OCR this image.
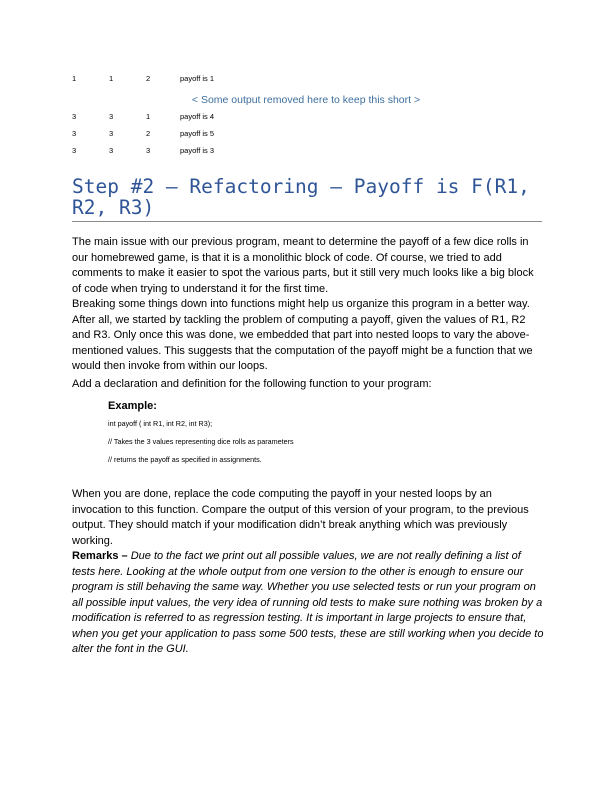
1	1	2	payoff is 1
< Some output removed here to keep this short >
3	3	1	payoff is 4
3	3	2	payoff is 5
3	3	3	payoff is 3
Step #2 – Refactoring – Payoff is F(R1, R2, R3)

The main issue with our previous program, meant to determine the payoff of a few dice rolls in our homebrewed game, is that it is a monolithic block of code. Of course, we tried to add comments to make it easier to spot the various parts, but it still very much looks like a big block of code when trying to understand it for the first time.

Breaking some things down into functions might help us organize this program in a better way. After all, we started by tackling the problem of computing a payoff, given the values of R1, R2 and R3. Only once this was done, we embedded that part into nested loops to vary the above-mentioned values. This suggests that the computation of the payoff might be a function that we would then invoke from within our loops.

Add a declaration and definition for the following function to your program:

Example:
int payoff ( int R1, int R2, int R3);
// Takes the 3 values representing dice rolls as parameters
// returns the payoff as specified in assignments.

When you are done, replace the code computing the payoff in your nested loops by an invocation to this function. Compare the output of this version of your program, to the previous output. They should match if your modification didn’t break anything which was previously working.

Remarks – Due to the fact we print out all possible values, we are not really defining a list of tests here. Looking at the whole output from one version to the other is enough to ensure our program is still behaving the same way. Whether you use selected tests or run your program on all possible input values, the very idea of running old tests to make sure nothing was broken by a modification is referred to as regression testing. It is important in large projects to ensure that, when you get your application to pass some 500 tests, these are still working when you decide to alter the font in the GUI.
